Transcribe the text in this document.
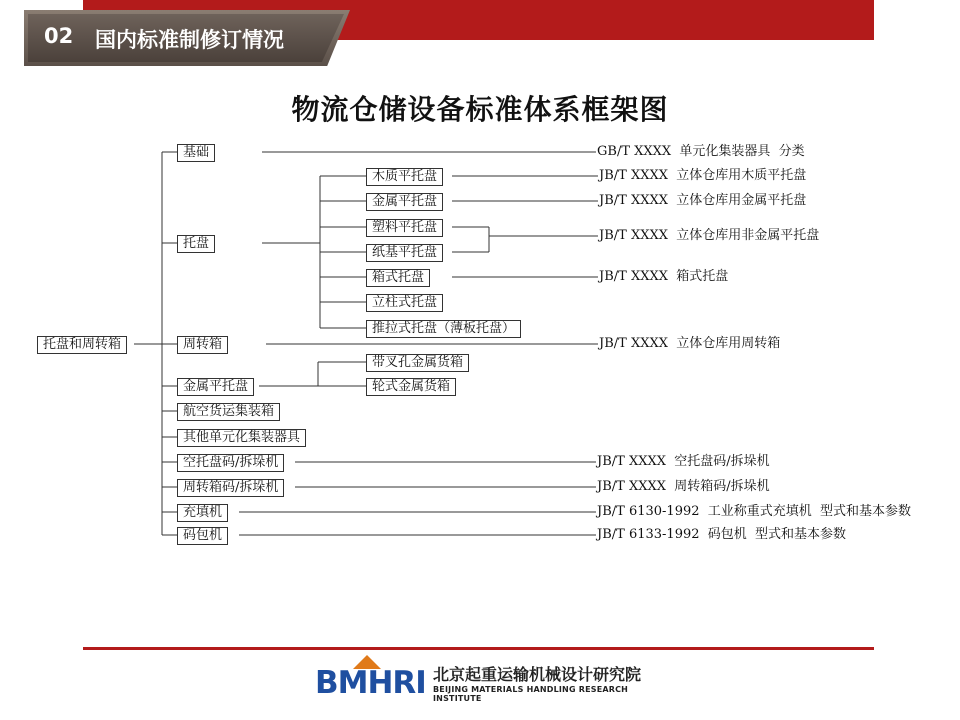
02 国内标准制修订情况
物流仓储设备标准体系框架图
托盘和周转箱
基础
托盘
周转箱
金属平托盘
航空货运集装箱
其他单元化集装器具
空托盘码/拆垛机
周转箱码/拆垛机
充填机
码包机
木质平托盘
金属平托盘
塑料平托盘
纸基平托盘
箱式托盘
立柱式托盘
推拉式托盘（薄板托盘）
带叉孔金属货箱
轮式金属货箱
GB/T XXXX  单元化集装器具  分类
JB/T XXXX  立体仓库用木质平托盘
JB/T XXXX  立体仓库用金属平托盘
JB/T XXXX  立体仓库用非金属平托盘
JB/T XXXX  箱式托盘
JB/T XXXX  立体仓库用周转箱
JB/T XXXX  空托盘码/拆垛机
JB/T XXXX  周转箱码/拆垛机
JB/T 6130-1992  工业称重式充填机  型式和基本参数
JB/T 6133-1992  码包机  型式和基本参数
BMHRI 北京起重运输机械设计研究院
BEIJING MATERIALS HANDLING RESEARCH INSTITUTE
